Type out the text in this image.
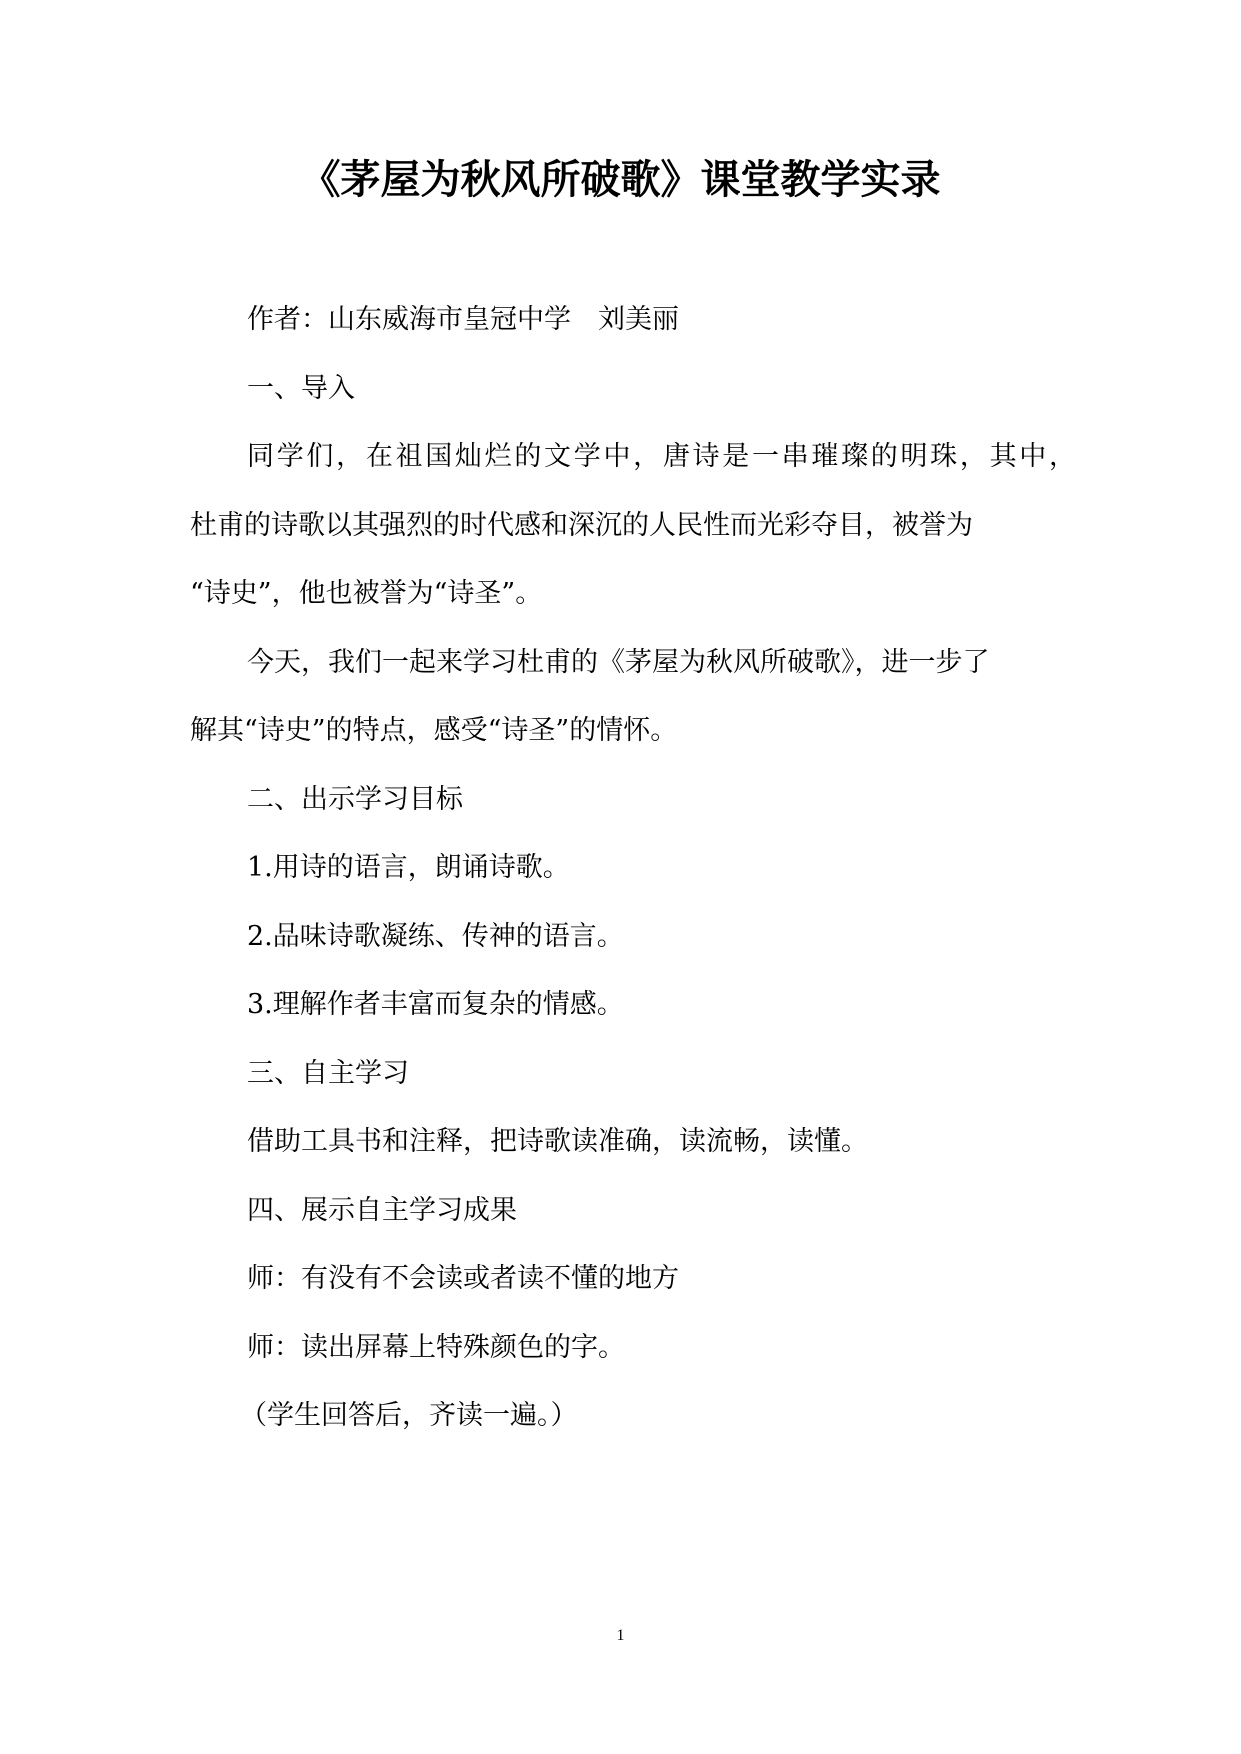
《茅屋为秋风所破歌》课堂教学实录
作者：山东威海市皇冠中学　刘美丽
一、导入
同学们，在祖国灿烂的文学中，唐诗是一串璀璨的明珠，其中，
杜甫的诗歌以其强烈的时代感和深沉的人民性而光彩夺目，被誉为
“诗史”，他也被誉为“诗圣”。
今天，我们一起来学习杜甫的《茅屋为秋风所破歌》，进一步了
解其“诗史”的特点，感受“诗圣”的情怀。
二、出示学习目标
1.用诗的语言，朗诵诗歌。
2.品味诗歌凝练、传神的语言。
3.理解作者丰富而复杂的情感。
三、自主学习
借助工具书和注释，把诗歌读准确，读流畅，读懂。
四、展示自主学习成果
师：有没有不会读或者读不懂的地方
师：读出屏幕上特殊颜色的字。
（学生回答后，齐读一遍。）
1
